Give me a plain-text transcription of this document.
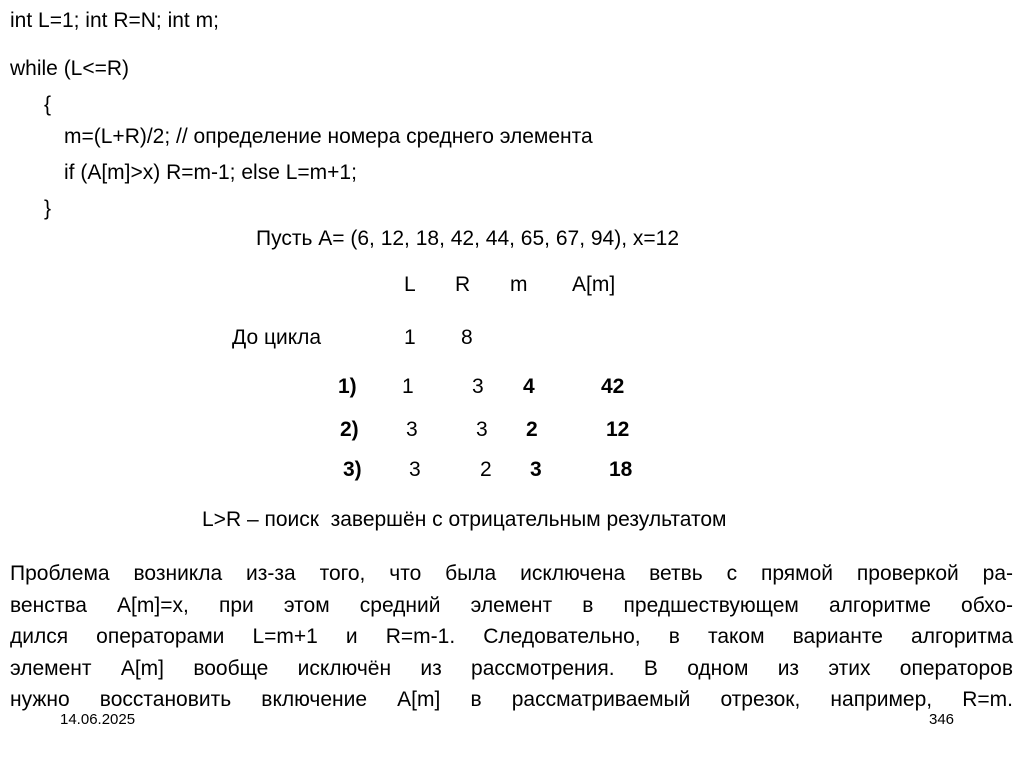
int L=1; int R=N; int m;
while (L<=R)
{
m=(L+R)/2; // определение номера среднего элемента
if (A[m]>x) R=m-1; else L=m+1;
}
Пусть А= (6, 12, 18, 42, 44, 65, 67, 94), x=12
L R m A[m]
До цикла	1 8
1) 1	3 4	42
2) 3	3 2	12
3) 3	2 3	18
L>R – поиск  завершён с отрицательным результатом
Проблема возникла из-за того, что была исключена ветвь с прямой проверкой ра-
венства A[m]=x, при этом средний элемент в предшествующем алгоритме обхо-
дился операторами L=m+1 и R=m-1. Следовательно, в таком варианте алгоритма
элемент A[m] вообще исключён из рассмотрения. В одном из этих операторов
нужно восстановить включение A[m] в рассматриваемый отрезок, например, R=m.
14.06.2025	346
